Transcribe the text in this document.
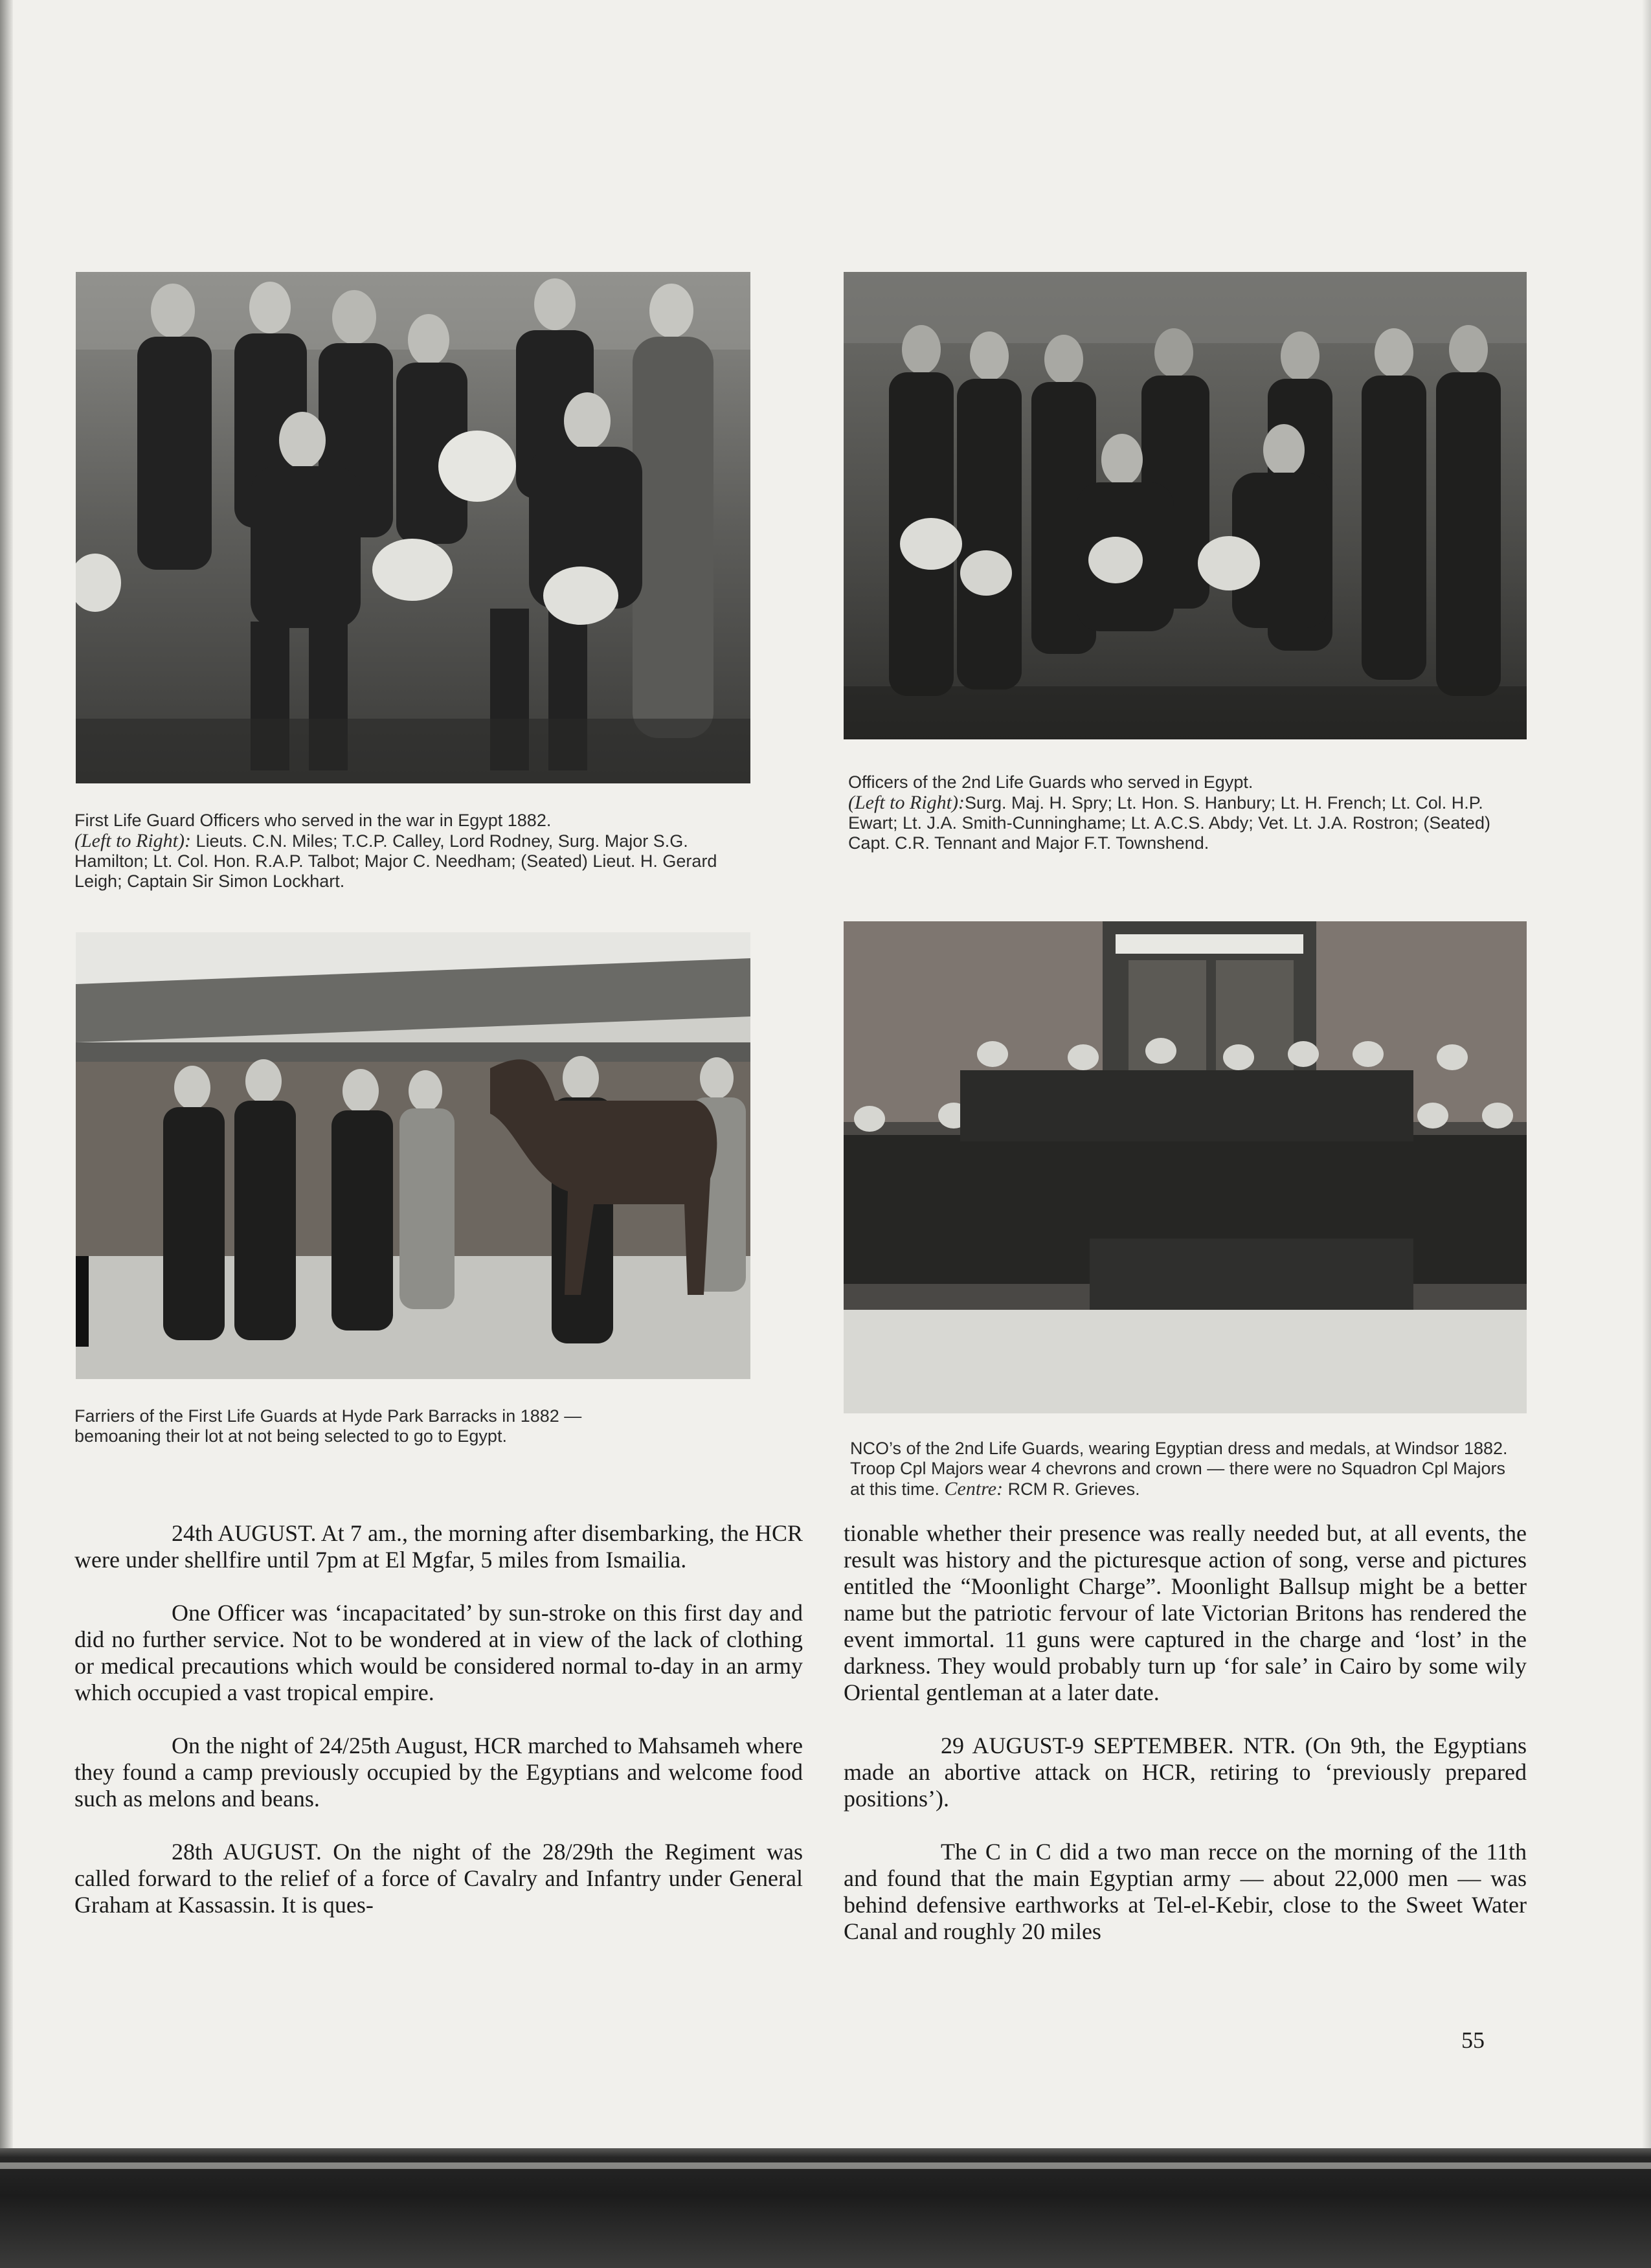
First Life Guard Officers who served in the war in Egypt 1882.

(Left to Right): Lieuts. C.N. Miles; T.C.P. Calley, Lord Rodney, Surg. Major S.G. Hamilton; Lt. Col. Hon. R.A.P. Talbot; Major C. Needham; (Seated) Lieut. H. Gerard Leigh; Captain Sir Simon Lockhart.

Officers of the 2nd Life Guards who served in Egypt.

(Left to Right):Surg. Maj. H. Spry; Lt. Hon. S. Hanbury; Lt. H. French; Lt. Col. H.P. Ewart; Lt. J.A. Smith-Cunninghame; Lt. A.C.S. Abdy; Vet. Lt. J.A. Rostron; (Seated) Capt. C.R. Tennant and Major F.T. Townshend.

Farriers of the First Life Guards at Hyde Park Barracks in 1882 —

bemoaning their lot at not being selected to go to Egypt.

NCO’s of the 2nd Life Guards, wearing Egyptian dress and medals, at Windsor 1882. Troop Cpl Majors wear 4 chevrons and crown — there were no Squadron Cpl Majors at this time. Centre: RCM R. Grieves.

24th AUGUST. At 7 am., the morning after disembarking, the HCR were under shellfire until 7pm at El Mgfar, 5 miles from Ismailia.

One Officer was ‘incapacitated’ by sun-stroke on this first day and did no further service. Not to be wondered at in view of the lack of clothing or medical precautions which would be considered normal to-day in an army which occupied a vast tropical empire.

On the night of 24/25th August, HCR marched to Mahsameh where they found a camp previously occupied by the Egyptians and welcome food such as melons and beans.

28th AUGUST. On the night of the 28/29th the Regiment was called forward to the relief of a force of Cavalry and Infantry under General Graham at Kassassin. It is ques-

tionable whether their presence was really needed but, at all events, the result was history and the picturesque action of song, verse and pictures entitled the “Moonlight Charge”. Moonlight Ballsup might be a better name but the patriotic fervour of late Victorian Britons has rendered the event immortal. 11 guns were captured in the charge and ‘lost’ in the darkness. They would probably turn up ‘for sale’ in Cairo by some wily Oriental gentleman at a later date.

29 AUGUST-9 SEPTEMBER. NTR. (On 9th, the Egyptians made an abortive attack on HCR, retiring to ‘previously prepared positions’).

The C in C did a two man recce on the morning of the 11th and found that the main Egyptian army — about 22,000 men — was behind defensive earthworks at Tel-el-Kebir, close to the Sweet Water Canal and roughly 20 miles

55
